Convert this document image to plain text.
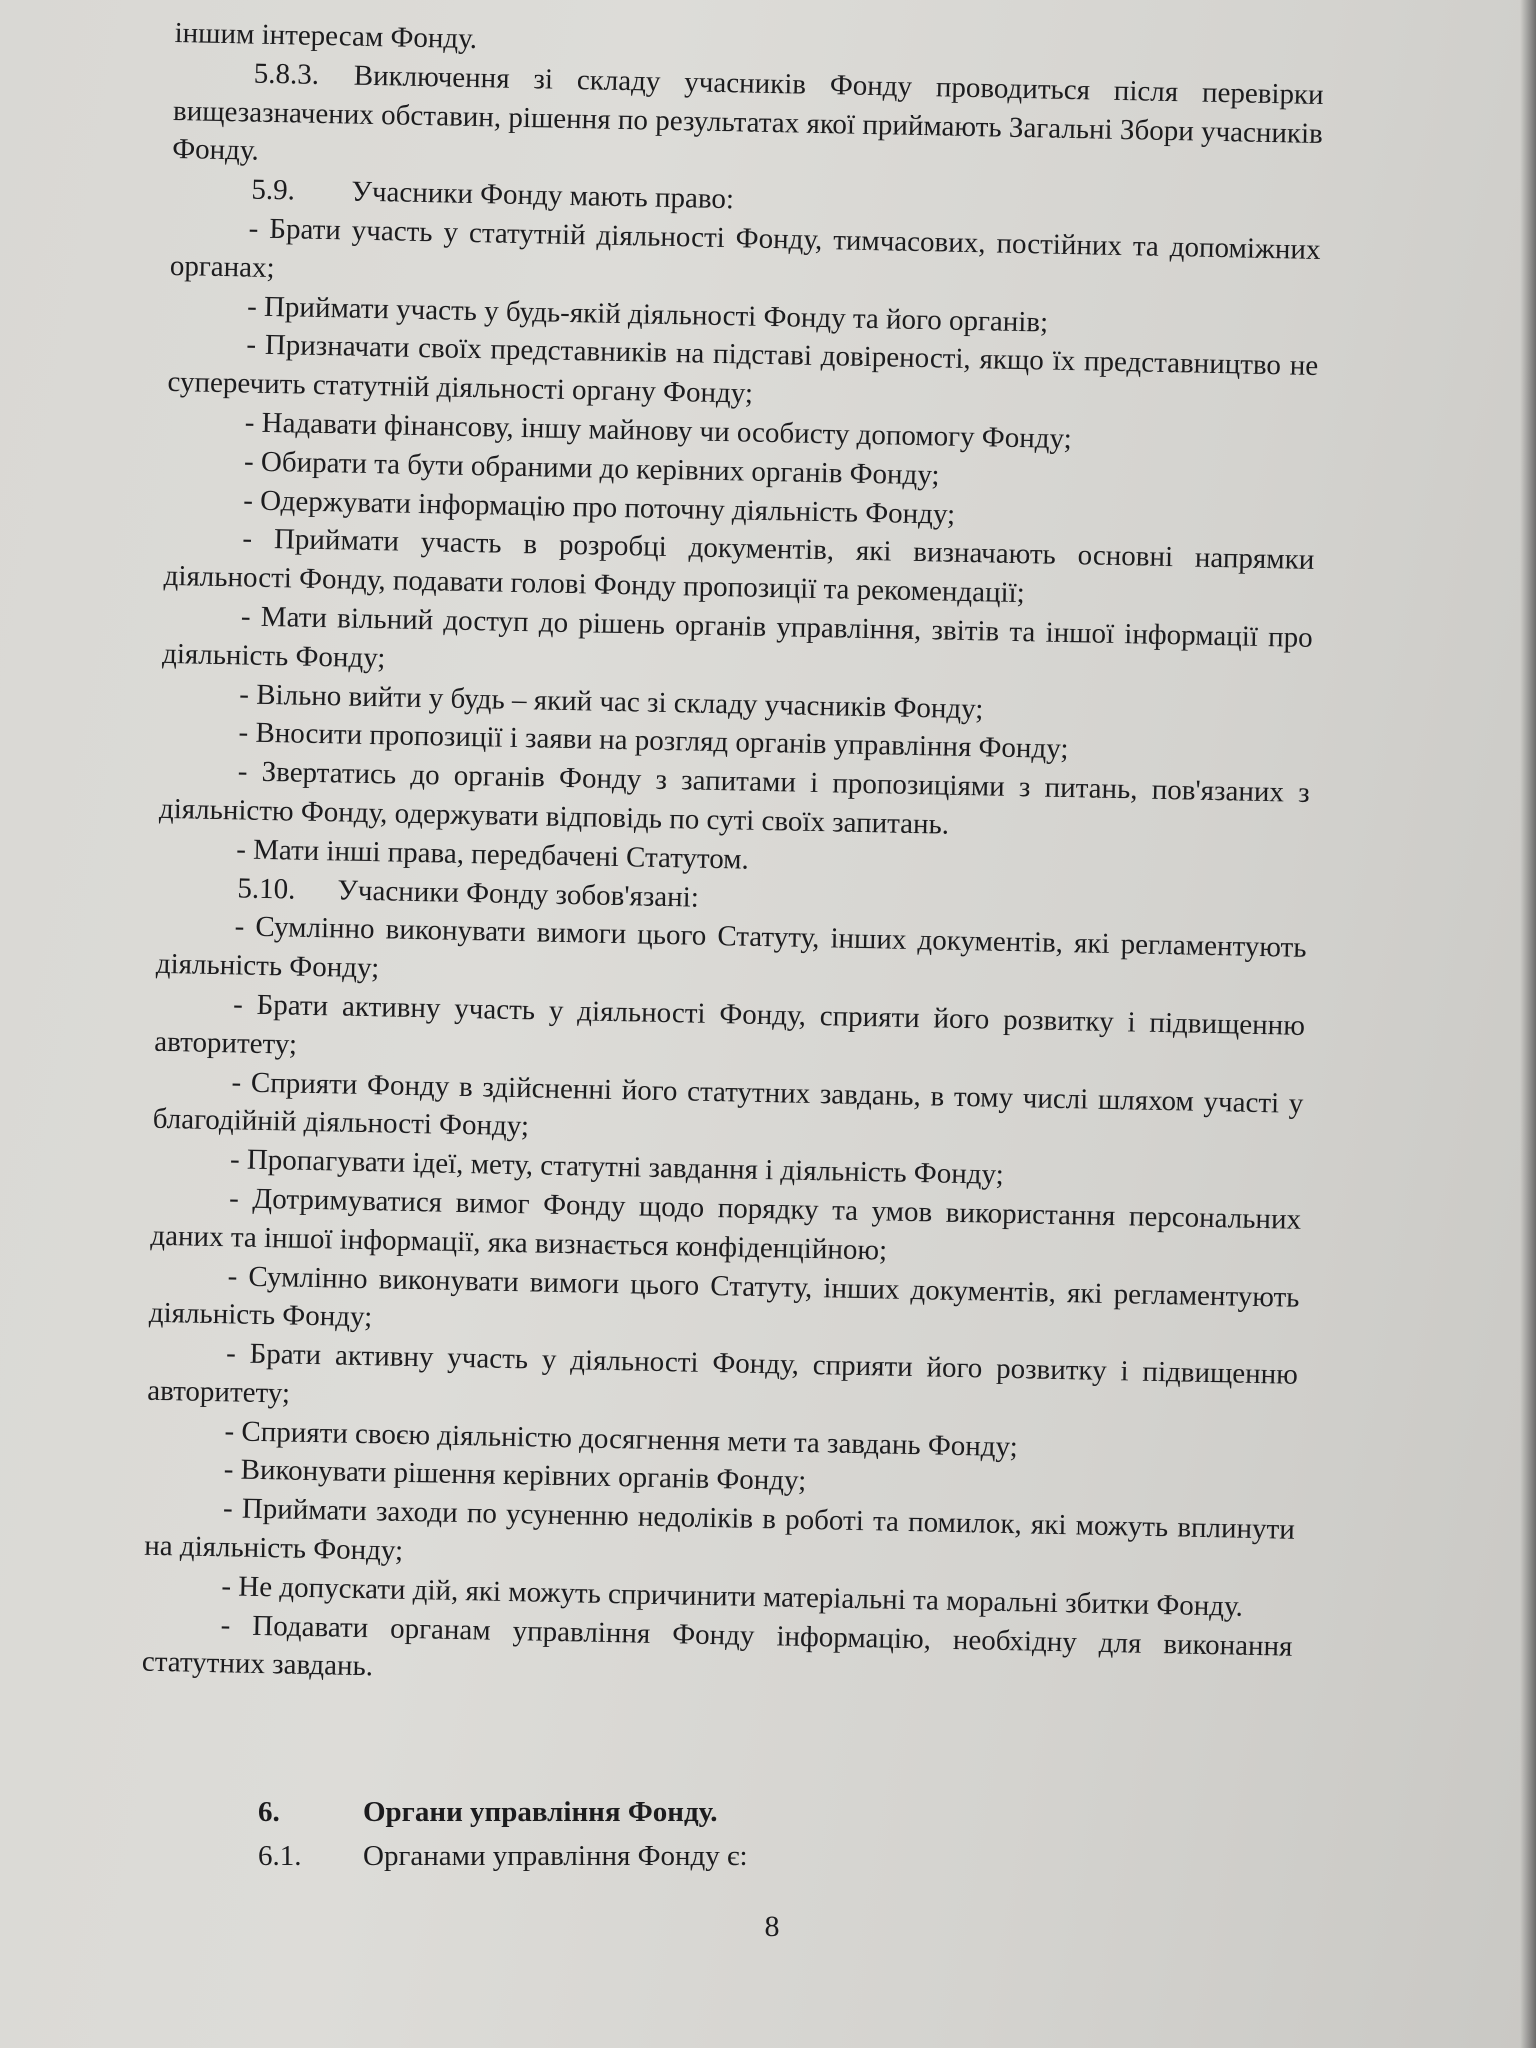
іншим інтересам Фонду.

5.8.3. Виключення зі складу учасників Фонду проводиться після перевірки вищезазначених обставин, рішення по результатах якої приймають Загальні Збори учасників Фонду.

5.9. Учасники Фонду мають право:

- Брати участь у статутній діяльності Фонду, тимчасових, постійних та допоміжних органах;

- Приймати участь у будь-якій діяльності Фонду та його органів;

- Призначати своїх представників на підставі довіреності, якщо їх представництво не суперечить статутній діяльності органу Фонду;

- Надавати фінансову, іншу майнову чи особисту допомогу Фонду;

- Обирати та бути обраними до керівних органів Фонду;

- Одержувати інформацію про поточну діяльність Фонду;

- Приймати участь в розробці документів, які визначають основні напрямки діяльності Фонду, подавати голові Фонду пропозиції та рекомендації;

- Мати вільний доступ до рішень органів управління, звітів та іншої інформації про діяльність Фонду;

- Вільно вийти у будь – який час зі складу учасників Фонду;

- Вносити пропозиції і заяви на розгляд органів управління Фонду;

- Звертатись до органів Фонду з запитами і пропозиціями з питань, пов'язаних з діяльністю Фонду, одержувати відповідь по суті своїх запитань.

- Мати інші права, передбачені Статутом.

5.10. Учасники Фонду зобов'язані:

- Сумлінно виконувати вимоги цього Статуту, інших документів, які регламентують діяльність Фонду;

- Брати активну участь у діяльності Фонду, сприяти його розвитку і підвищенню авторитету;

- Сприяти Фонду в здійсненні його статутних завдань, в тому числі шляхом участі у благодійній діяльності Фонду;

- Пропагувати ідеї, мету, статутні завдання і діяльність Фонду;

- Дотримуватися вимог Фонду щодо порядку та умов використання персональних даних та іншої інформації, яка визнається конфіденційною;

- Сумлінно виконувати вимоги цього Статуту, інших документів, які регламентують діяльність Фонду;

- Брати активну участь у діяльності Фонду, сприяти його розвитку і підвищенню авторитету;

- Сприяти своєю діяльністю досягнення мети та завдань Фонду;

- Виконувати рішення керівних органів Фонду;

- Приймати заходи по усуненню недоліків в роботі та помилок, які можуть вплинути на діяльність Фонду;

- Не допускати дій, які можуть спричинити матеріальні та моральні збитки Фонду.

- Подавати органам управління Фонду інформацію, необхідну для виконання статутних завдань.

6.	Органи управління Фонду.

6.1. Органами управління Фонду є:

8
